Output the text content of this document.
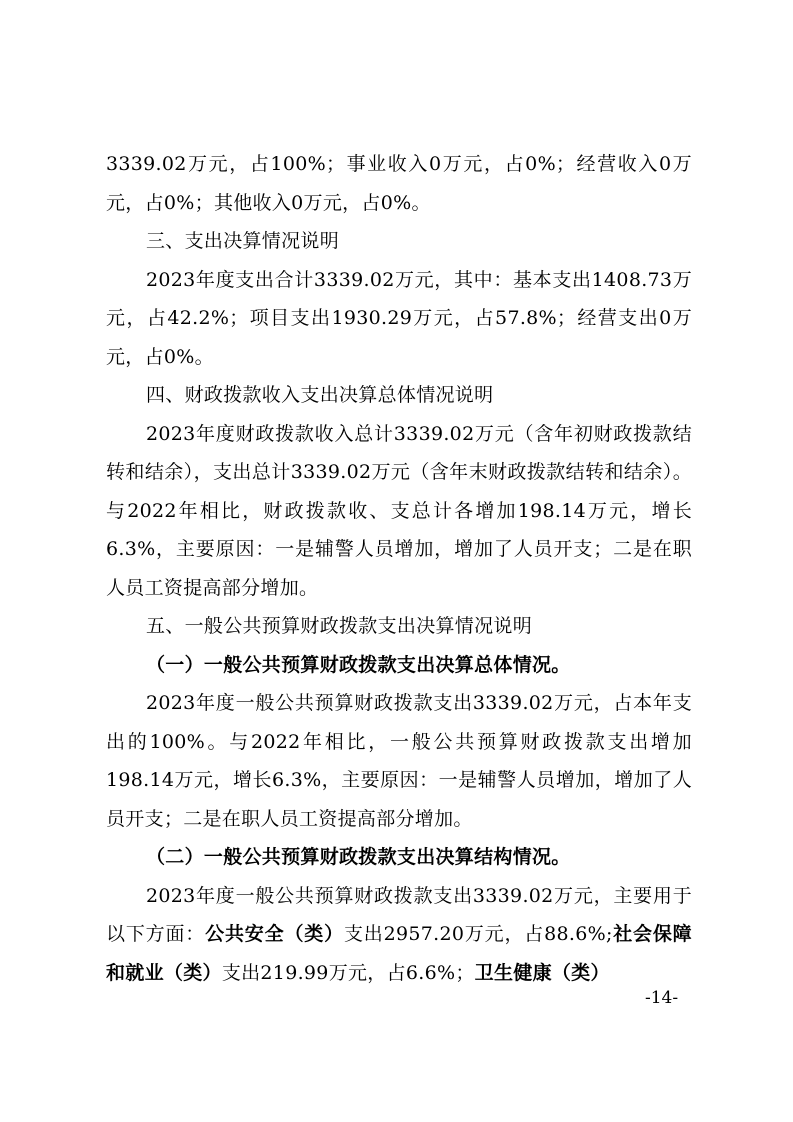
3339.02万元，占100%；事业收入0万元，占0%；经营收入0万元，占0%；其他收入0万元，占0%。

三、支出决算情况说明

2023年度支出合计3339.02万元，其中：基本支出1408.73万元，占42.2%；项目支出1930.29万元，占57.8%；经营支出0万元，占0%。

四、财政拨款收入支出决算总体情况说明

2023年度财政拨款收入总计3339.02万元（含年初财政拨款结转和结余），支出总计3339.02万元（含年末财政拨款结转和结余）。与2022年相比，财政拨款收、支总计各增加198.14万元，增长6.3%，主要原因：一是辅警人员增加，增加了人员开支；二是在职人员工资提高部分增加。

五、一般公共预算财政拨款支出决算情况说明

（一）一般公共预算财政拨款支出决算总体情况。

2023年度一般公共预算财政拨款支出3339.02万元，占本年支出的100%。与2022年相比，一般公共预算财政拨款支出增加198.14万元，增长6.3%，主要原因：一是辅警人员增加，增加了人员开支；二是在职人员工资提高部分增加。

（二）一般公共预算财政拨款支出决算结构情况。

2023年度一般公共预算财政拨款支出3339.02万元，主要用于以下方面：公共安全（类）支出2957.20万元，占88.6%;社会保障和就业（类）支出219.99万元，占6.6%；卫生健康（类）

-14-
